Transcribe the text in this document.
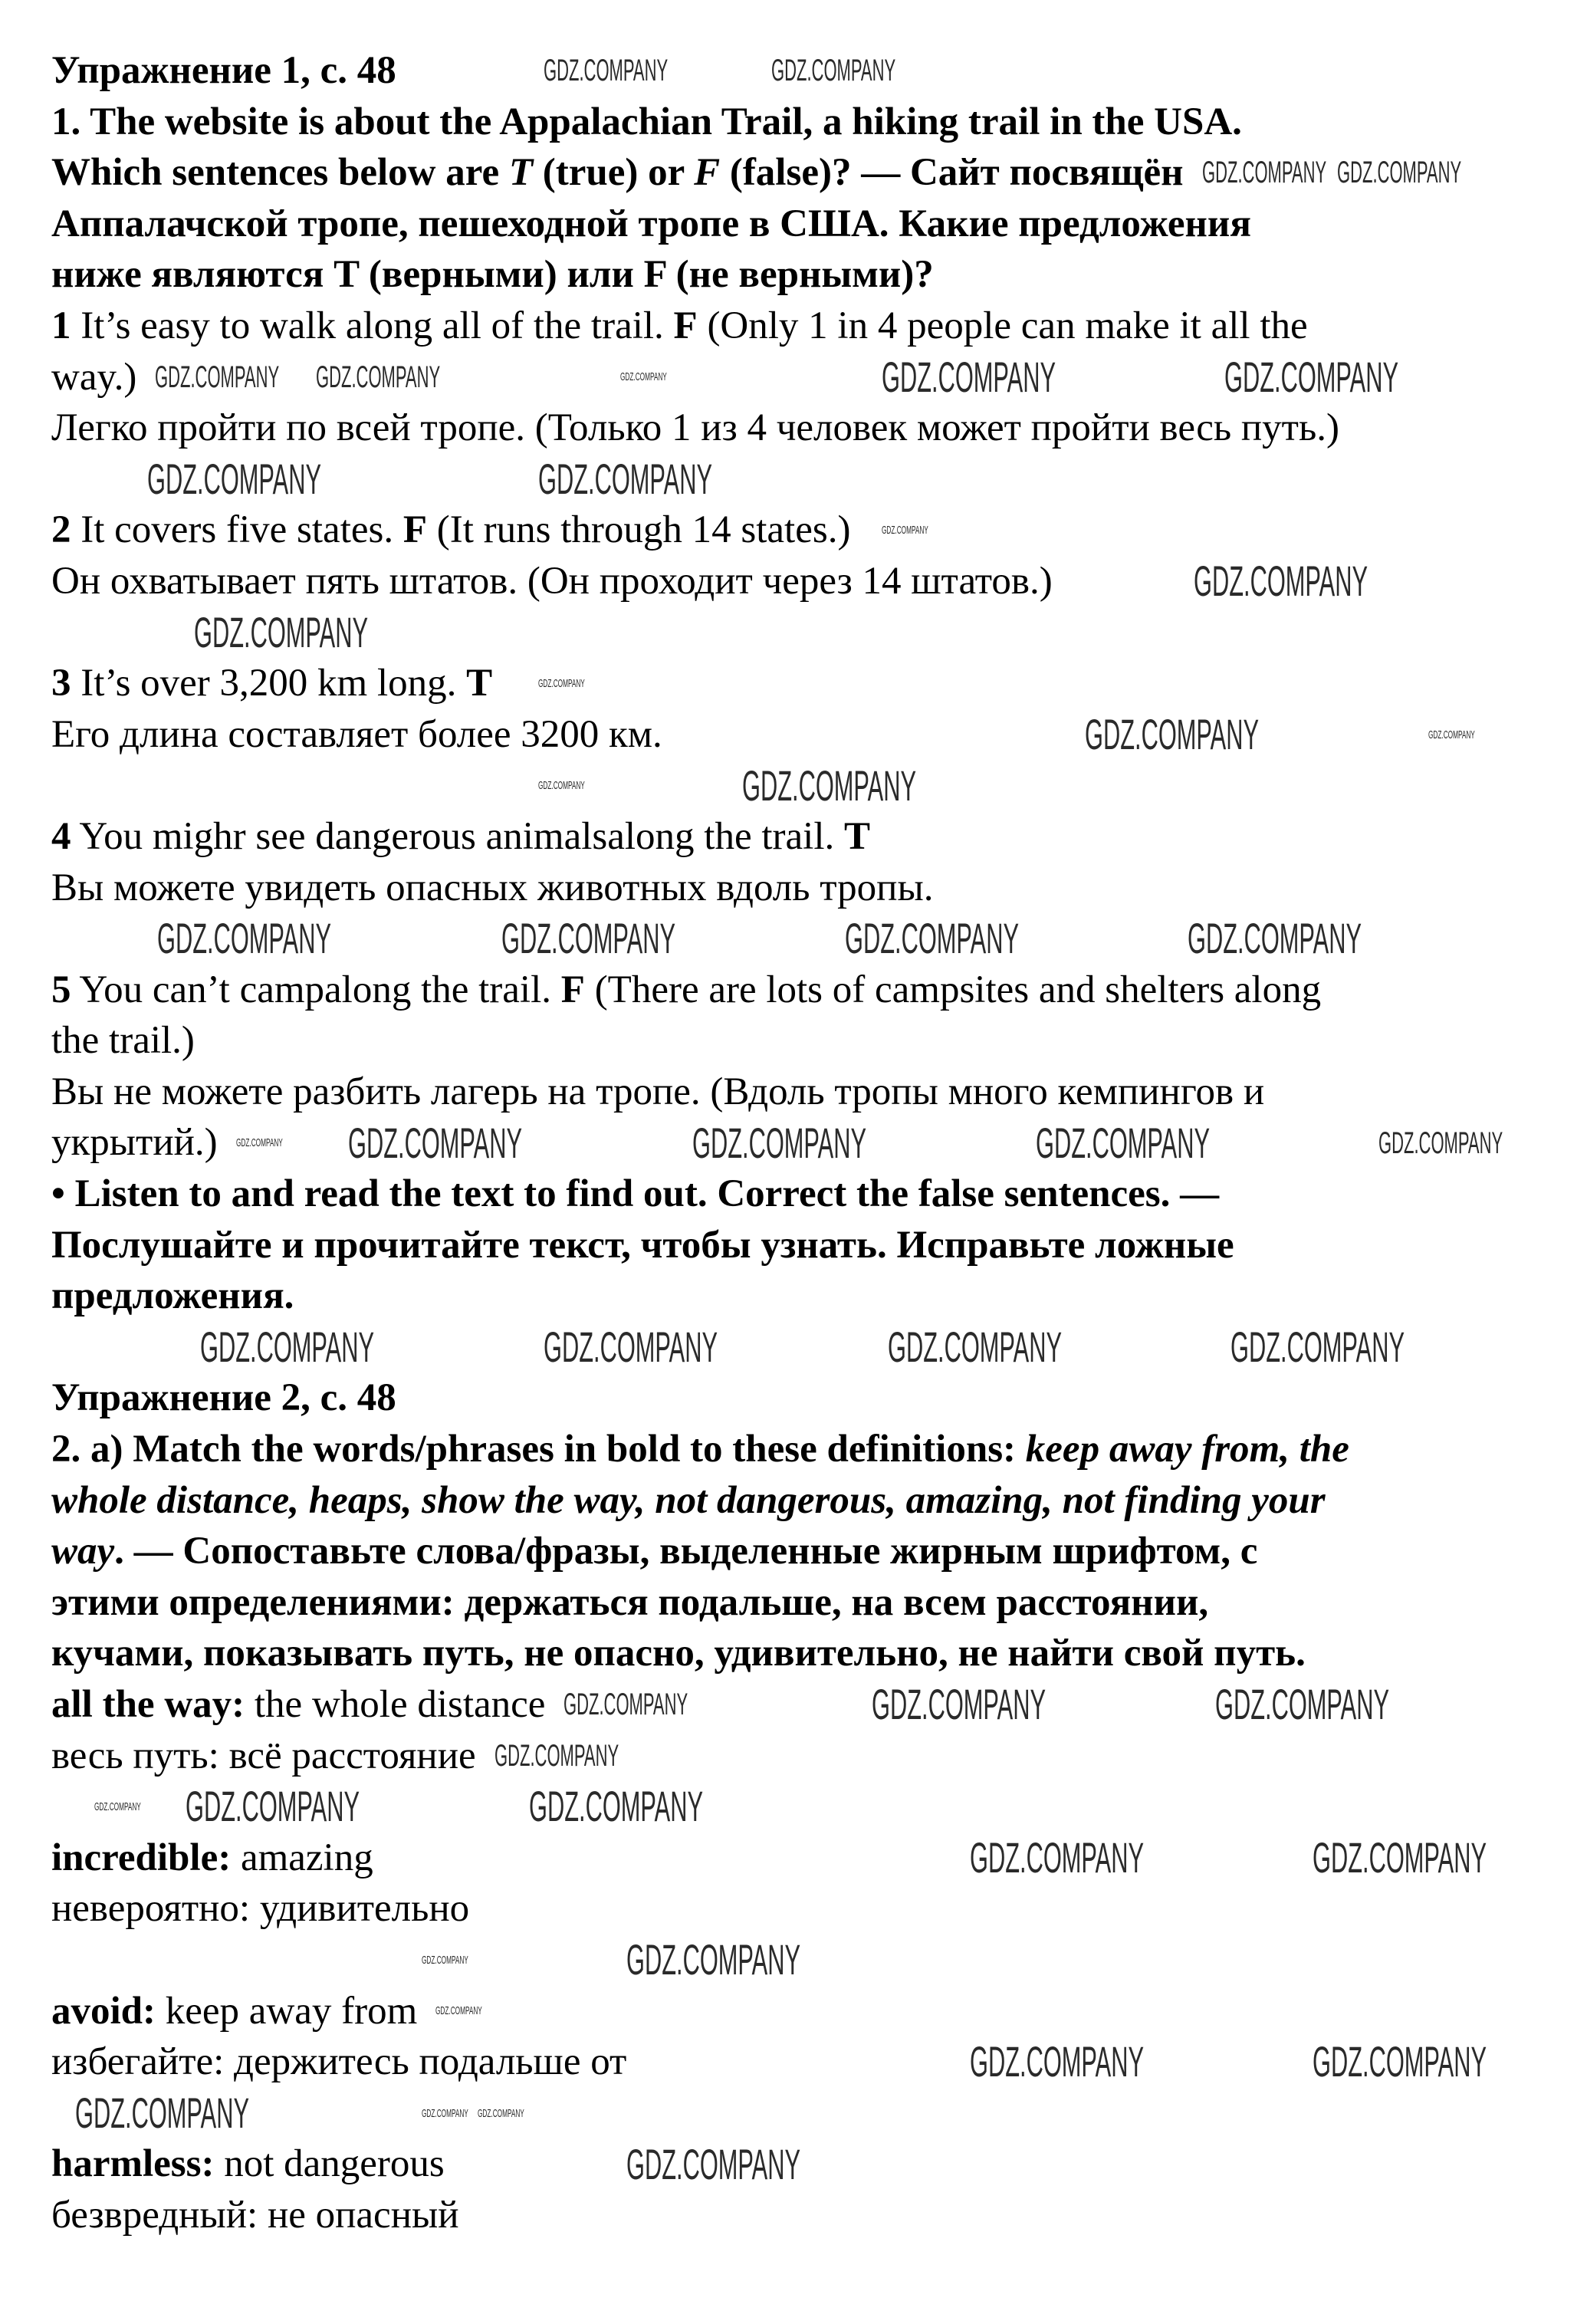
Упражнение 1, с. 48
1. The website is about the Appalachian Trail, a hiking trail in the USA.
Which sentences below are T (true) or F (false)? — Сайт посвящён
Аппалачской тропе, пешеходной тропе в США. Какие предложения
ниже являются T (верными) или F (не верными)?
1 It’s easy to walk along all of the trail. F (Only 1 in 4 people can make it all the
way.)
Легко пройти по всей тропе. (Только 1 из 4 человек может пройти весь путь.)
2 It covers five states. F (It runs through 14 states.)
Он охватывает пять штатов. (Он проходит через 14 штатов.)
3 It’s over 3,200 km long. T
Его длина составляет более 3200 км.
4 You mighr see dangerous animalsalong the trail. T
Вы можете увидеть опасных животных вдоль тропы.
5 You can’t campalong the trail. F (There are lots of campsites and shelters along
the trail.)
Вы не можете разбить лагерь на тропе. (Вдоль тропы много кемпингов и
укрытий.)
• Listen to and read the text to find out. Correct the false sentences. —
Послушайте и прочитайте текст, чтобы узнать. Исправьте ложные
предложения.
Упражнение 2, с. 48
2. a) Match the words/phrases in bold to these definitions: keep away from, the
whole distance, heaps, show the way, not dangerous, amazing, not finding your
way. — Сопоставьте слова/фразы, выделенные жирным шрифтом, с
этими определениями: держаться подальше, на всем расстоянии,
кучами, показывать путь, не опасно, удивительно, не найти свой путь.
all the way: the whole distance
весь путь: всё расстояние
incredible: amazing
невероятно: удивительно
avoid: keep away from
избегайте: держитесь подальше от
harmless: not dangerous
безвредный: не опасный
GDZ.COMPANY	GDZ.COMPANY
GDZ.COMPANY GDZ.COMPANY
GDZ.COMPANY GDZ.COMPANY	GDZ.COMPANY	GDZ.COMPANY	GDZ.COMPANY
GDZ.COMPANY	GDZ.COMPANY
GDZ.COMPANY
GDZ.COMPANY
GDZ.COMPANY
GDZ.COMPANY
GDZ.COMPANY	GDZ.COMPANY
GDZ.COMPANY	GDZ.COMPANY
GDZ.COMPANY	GDZ.COMPANY	GDZ.COMPANY	GDZ.COMPANY
GDZ.COMPANY	GDZ.COMPANY	GDZ.COMPANY	GDZ.COMPANY
GDZ.COMPANY
GDZ.COMPANY	GDZ.COMPANY	GDZ.COMPANY	GDZ.COMPANY
GDZ.COMPANY
GDZ.COMPANY
GDZ.COMPANY
GDZ.COMPANY	GDZ.COMPANY
GDZ.COMPANY	GDZ.COMPANY
GDZ.COMPANY	GDZ.COMPANY
GDZ.COMPANY	GDZ.COMPANY
GDZ.COMPANY
GDZ.COMPANY
GDZ.COMPANY
GDZ.COMPANY	GDZ.COMPANY
GDZ.COMPANY
GDZ.COMPANY
